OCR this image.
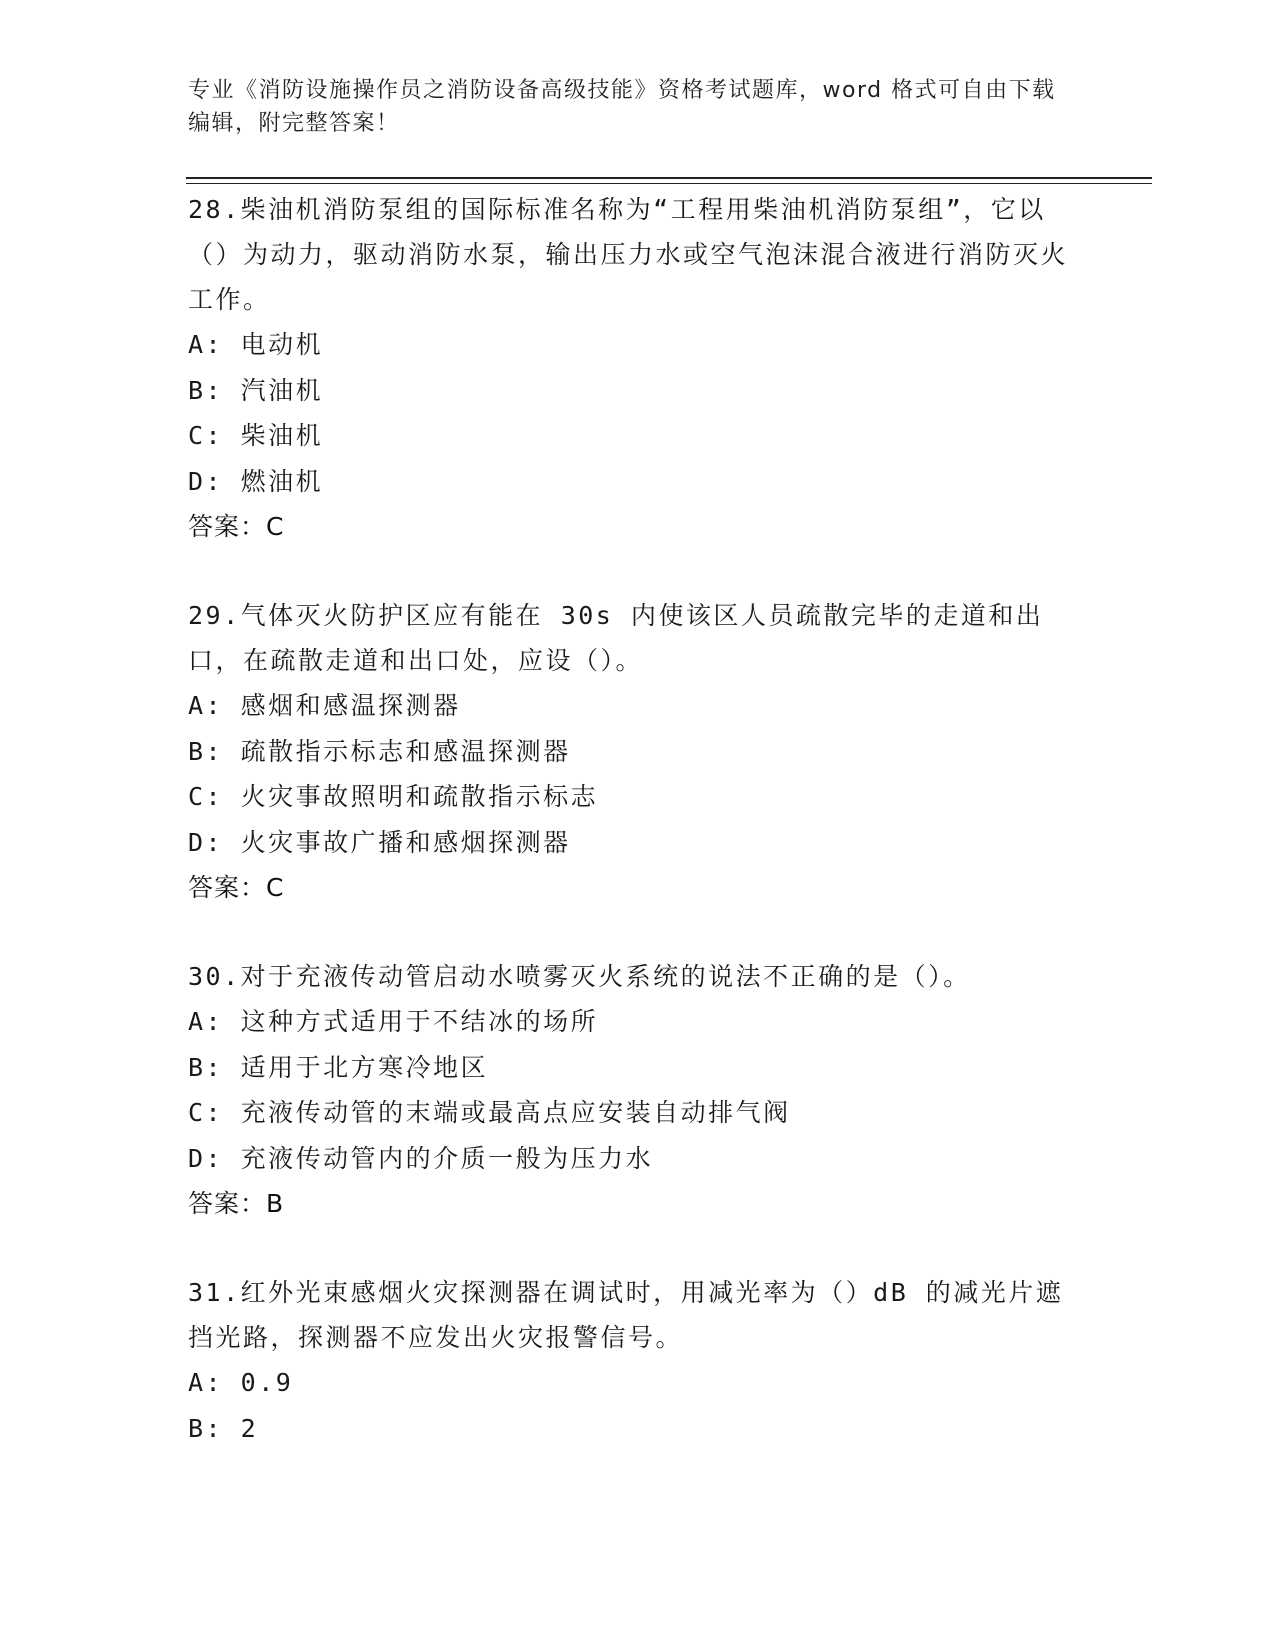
专业《消防设施操作员之消防设备高级技能》资格考试题库，word 格式可自由下载编辑，附完整答案！
28.柴油机消防泵组的国际标准名称为“工程用柴油机消防泵组”，它以（）为动力，驱动消防水泵，输出压力水或空气泡沫混合液进行消防灭火工作。
A: 电动机
B: 汽油机
C: 柴油机
D: 燃油机
答案：C
29.气体灭火防护区应有能在 30s 内使该区人员疏散完毕的走道和出口，在疏散走道和出口处，应设（）。
A: 感烟和感温探测器
B: 疏散指示标志和感温探测器
C: 火灾事故照明和疏散指示标志
D: 火灾事故广播和感烟探测器
答案：C
30.对于充液传动管启动水喷雾灭火系统的说法不正确的是（）。
A: 这种方式适用于不结冰的场所
B: 适用于北方寒冷地区
C: 充液传动管的末端或最高点应安装自动排气阀
D: 充液传动管内的介质一般为压力水
答案：B
31.红外光束感烟火灾探测器在调试时，用减光率为（）dB 的减光片遮挡光路，探测器不应发出火灾报警信号。
A: 0.9
B: 2
